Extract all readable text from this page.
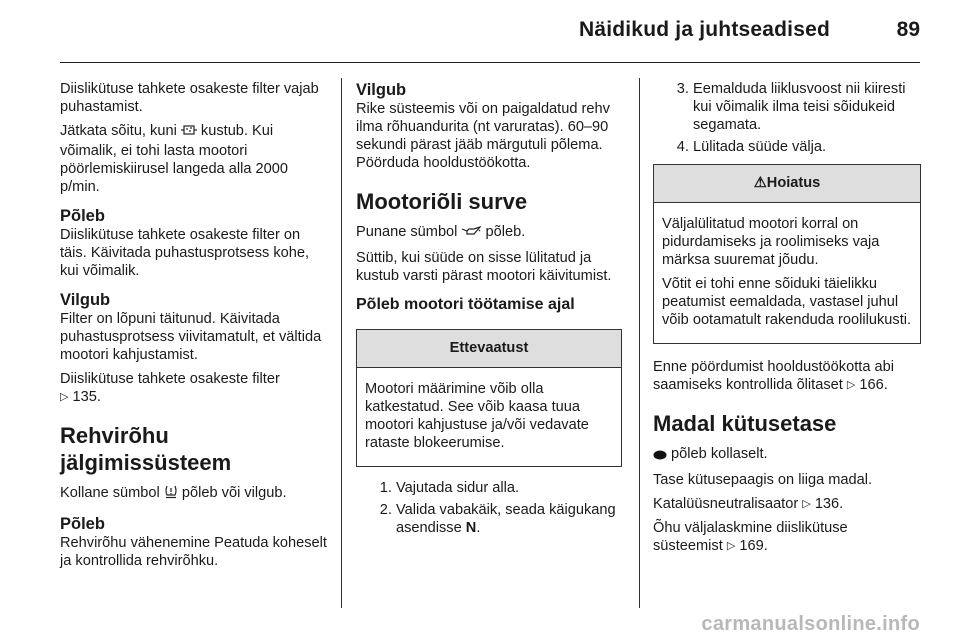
Näidikud ja juhtseadised	89

Diislikütuse tahkete osakeste filter vajab puhastamist.

Jätkata sõitu, kuni  kustub. Kui võimalik, ei tohi lasta mootori pöörlemiskiirusel langeda alla 2000 p/min.

Põleb

Diislikütuse tahkete osakeste filter on täis. Käivitada puhastusprotsess kohe, kui võimalik.

Vilgub

Filter on lõpuni täitunud. Käivitada puhastusprotsess viivitamatult, et vältida mootori kahjustamist.

Diislikütuse tahkete osakeste filter
▷ 135.

Rehvirõhu
jälgimissüsteem

Kollane sümbol  põleb või vilgub.

Põleb

Rehvirõhu vähenemine Peatuda koheselt ja kontrollida rehvirõhku.

Vilgub

Rike süsteemis või on paigaldatud rehv ilma rõhuandurita (nt varuratas). 60–90 sekundi pärast jääb märgutuli põlema. Pöörduda hooldustöökotta.

Mootoriõli surve

Punane sümbol  põleb.

Süttib, kui süüde on sisse lülitatud ja kustub varsti pärast mootori käivitumist.

Põleb mootori töötamise ajal
Ettevaatust

Mootori määrimine võib olla katkestatud. See võib kaasa tuua mootori kahjustuse ja/või vedavate rataste blokeerumise.

1. Vajutada sidur alla.
2. Valida vabakäik, seada käigukang asendisse N.
3. Eemalduda liiklusvoost nii kiiresti kui võimalik ilma teisi sõidukeid segamata.
4. Lülitada süüde välja.
⚠Hoiatus

Väljalülitatud mootori korral on pidurdamiseks ja roolimiseks vaja märksa suuremat jõudu.

Võtit ei tohi enne sõiduki täielikku peatumist eemaldada, vastasel juhul võib ootamatult rakenduda roolilukusti.

Enne pöördumist hooldustöökotta abi saamiseks kontrollida õlitaset ▷ 166.

Madal kütusetase

põleb kollaselt.

Tase kütusepaagis on liiga madal.

Katalüüsneutralisaator ▷ 136.

Õhu väljalaskmine diislikütuse süsteemist ▷ 169.

carmanualsonline.info
